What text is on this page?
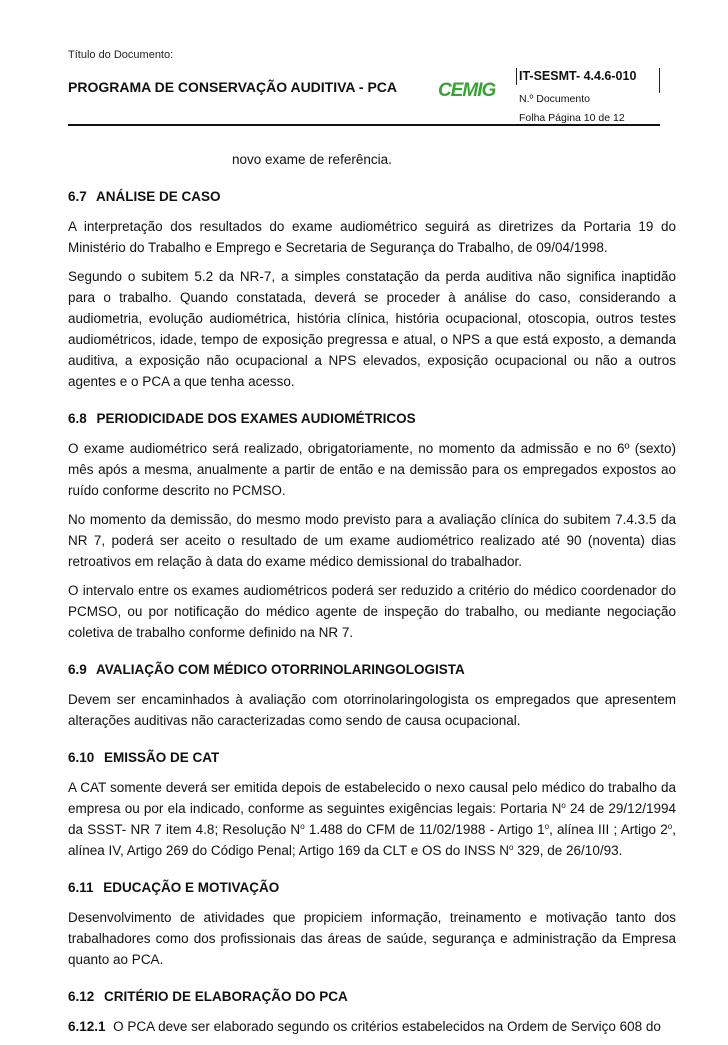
Título do Documento:
PROGRAMA DE CONSERVAÇÃO AUDITIVA - PCA CEMIG
IT-SESMT- 4.4.6-010
N.º Documento
Folha Página 10 de 12

novo exame de referência.

6.7 ANÁLISE DE CASO

A interpretação dos resultados do exame audiométrico seguirá as diretrizes da Portaria 19 do Ministério do Trabalho e Emprego e Secretaria de Segurança do Trabalho, de 09/04/1998.

Segundo o subitem 5.2 da NR-7, a simples constatação da perda auditiva não significa inaptidão para o trabalho. Quando constatada, deverá se proceder à análise do caso, considerando a audiometria, evolução audiométrica, história clínica, história ocupacional, otoscopia, outros testes audiométricos, idade, tempo de exposição pregressa e atual, o NPS a que está exposto, a demanda auditiva, a exposição não ocupacional a NPS elevados, exposição ocupacional ou não a outros agentes e o PCA a que tenha acesso.

6.8 PERIODICIDADE DOS EXAMES AUDIOMÉTRICOS

O exame audiométrico será realizado, obrigatoriamente, no momento da admissão e no 6º (sexto) mês após a mesma, anualmente a partir de então e na demissão para os empregados expostos ao ruído conforme descrito no PCMSO.

No momento da demissão, do mesmo modo previsto para a avaliação clínica do subitem 7.4.3.5 da NR 7, poderá ser aceito o resultado de um exame audiométrico realizado até 90 (noventa) dias retroativos em relação à data do exame médico demissional do trabalhador.

O intervalo entre os exames audiométricos poderá ser reduzido a critério do médico coordenador do PCMSO, ou por notificação do médico agente de inspeção do trabalho, ou mediante negociação coletiva de trabalho conforme definido na NR 7.

6.9 AVALIAÇÃO COM MÉDICO OTORRINOLARINGOLOGISTA

Devem ser encaminhados à avaliação com otorrinolaringologista os empregados que apresentem alterações auditivas não caracterizadas como sendo de causa ocupacional.

6.10 EMISSÃO DE CAT

A CAT somente deverá ser emitida depois de estabelecido o nexo causal pelo médico do trabalho da empresa ou por ela indicado, conforme as seguintes exigências legais: Portaria $N^o$ 24 de 29/12/1994 da SSST- NR 7 item 4.8; Resolução $N^o$ 1.488 do CFM de 11/02/1988 - Artigo 1$^o$, alínea III ; Artigo 2$^o$, alínea IV, Artigo 269 do Código Penal; Artigo 169 da CLT e OS do INSS $N^o$ 329, de 26/10/93.

6.11 EDUCAÇÃO E MOTIVAÇÃO

Desenvolvimento de atividades que propiciem informação, treinamento e motivação tanto dos trabalhadores como dos profissionais das áreas de saúde, segurança e administração da Empresa quanto ao PCA.

6.12 CRITÉRIO DE ELABORAÇÃO DO PCA

6.12.1 O PCA deve ser elaborado segundo os critérios estabelecidos na Ordem de Serviço 608 do
